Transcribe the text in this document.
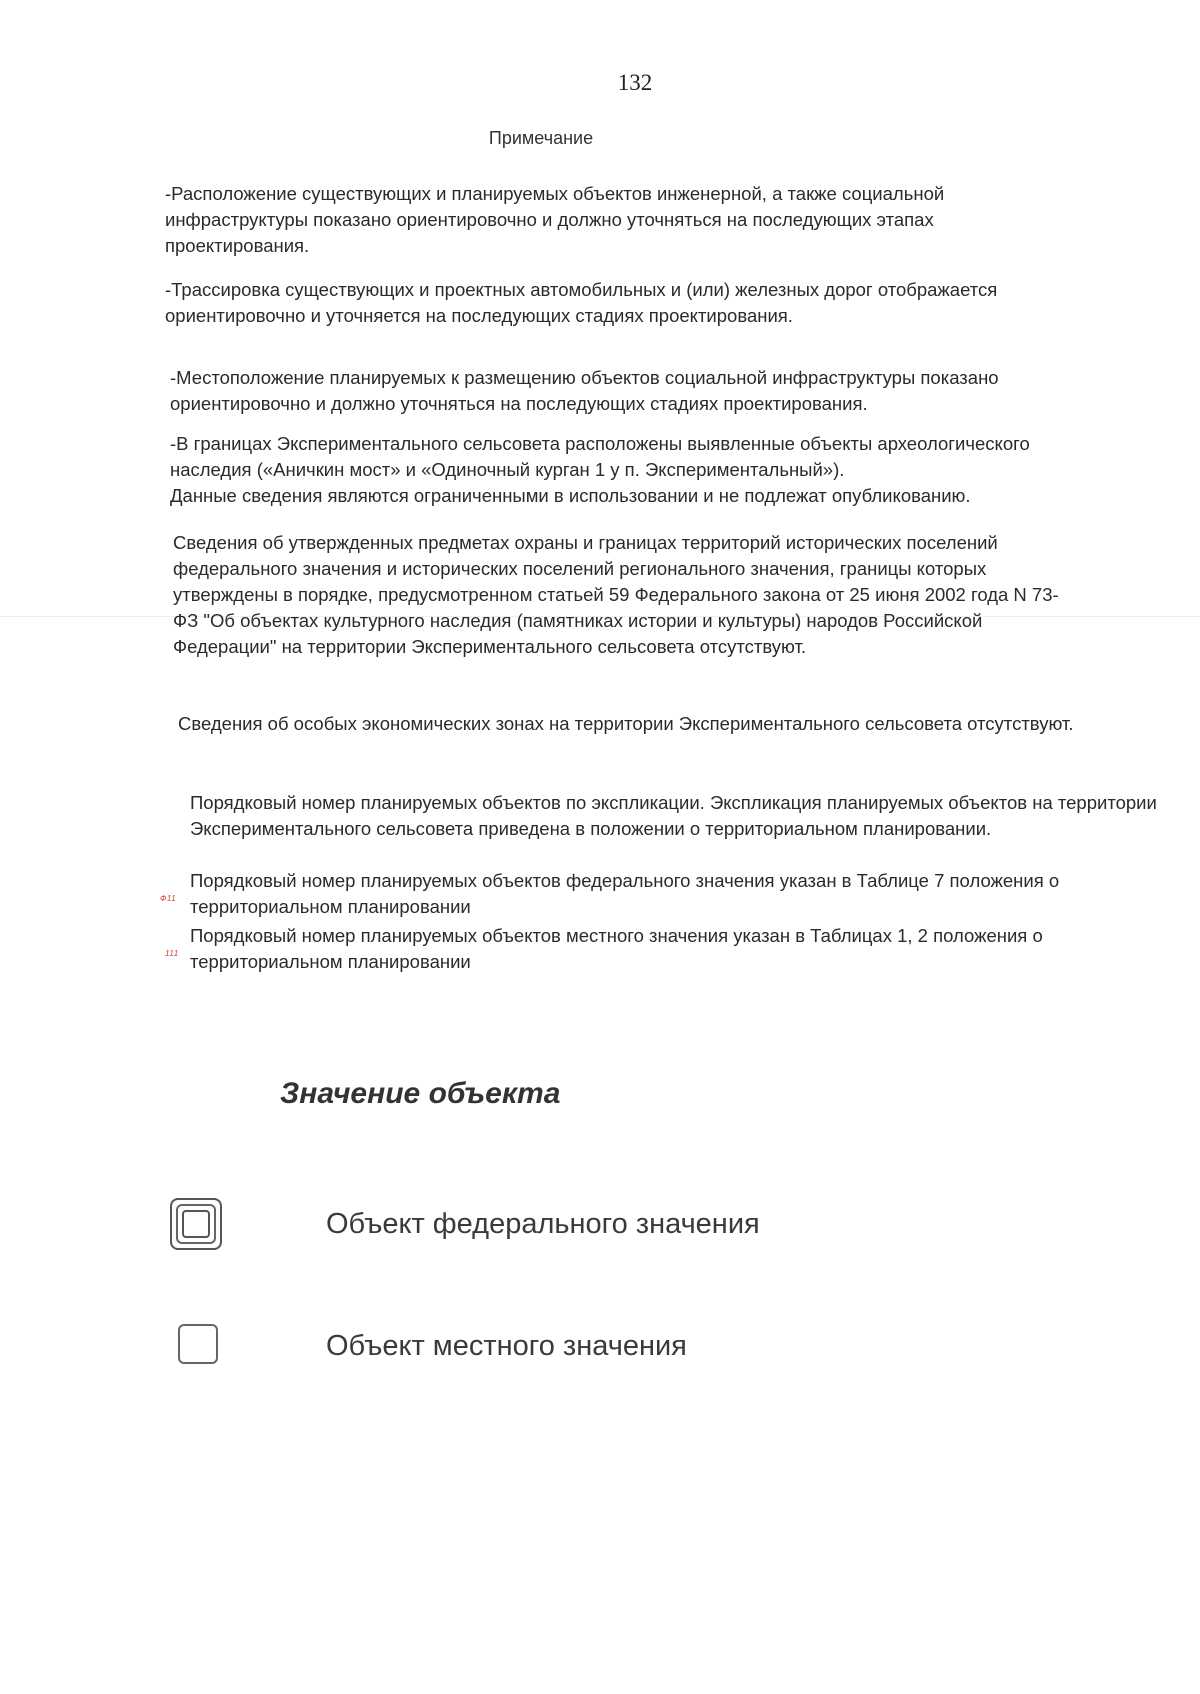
132
Примечание

-Расположение существующих и планируемых объектов инженерной, а также социальной инфраструктуры показано ориентировочно и должно уточняться на последующих этапах проектирования.

-Трассировка существующих и проектных автомобильных и (или) железных дорог отображается ориентировочно и уточняется на последующих стадиях проектирования.

-Местоположение планируемых к размещению объектов социальной инфраструктуры показано ориентировочно и должно уточняться на последующих стадиях проектирования.

-В границах Экспериментального сельсовета расположены выявленные объекты археологического наследия («Аничкин мост» и «Одиночный курган 1 у п. Экспериментальный»).

Данные сведения являются ограниченными в использовании и не подлежат опубликованию.

Сведения об утвержденных предметах охраны и границах территорий исторических поселений федерального значения и исторических поселений регионального значения, границы которых утверждены в порядке, предусмотренном статьей 59 Федерального закона от 25 июня 2002 года N 73-ФЗ "Об объектах культурного наследия (памятниках истории и культуры) народов Российской Федерации" на территории Экспериментального сельсовета отсутствуют.

Сведения об особых экономических зонах на территории Экспериментального сельсовета отсутствуют.

Порядковый номер планируемых объектов по экспликации. Экспликация планируемых объектов на территории Экспериментального сельсовета приведена в положении о территориальном планировании.

Ф11

Порядковый номер планируемых объектов федерального значения указан в Таблице 7 положения о территориальном планировании

111

Порядковый номер планируемых объектов местного значения указан в Таблицах 1, 2 положения о территориальном планировании

Значение объекта
Объект федерального значения
Объект местного значения
